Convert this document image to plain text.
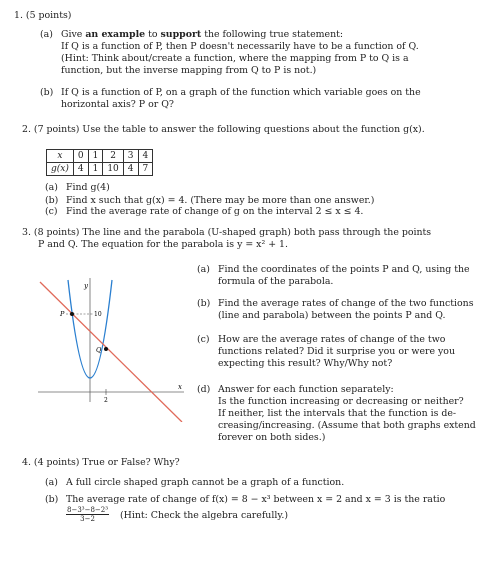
1. (5 points)
(a) Give an example to support the following true statement:
If Q is a function of P, then P doesn't necessarily have to be a function of Q.
(Hint: Think about/create a function, where the mapping from P to Q is a
function, but the inverse mapping from Q to P is not.)
(b) If Q is a function of P, on a graph of the function which variable goes on the
horizontal axis? P or Q?
2. (7 points) Use the table to answer the following questions about the function g(x).
x	0	1	2	3	4
g(x)	4	1	10	4	7
(a) Find g(4)
(b) Find x such that g(x) = 4. (There may be more than one answer.)
(c) Find the average rate of change of g on the interval 2 ≤ x ≤ 4.
3. (8 points) The line and the parabola (U-shaped graph) both pass through the points
P and Q. The equation for the parabola is y = x² + 1.
y
x
10
2
P
Q
(a) Find the coordinates of the points P and Q, using the
formula of the parabola.
(b) Find the average rates of change of the two functions
(line and parabola) between the points P and Q.
(c) How are the average rates of change of the two
functions related? Did it surprise you or were you
expecting this result? Why/Why not?
(d) Answer for each function separately:
Is the function increasing or decreasing or neither?
If neither, list the intervals that the function is de-
creasing/increasing. (Assume that both graphs extend
forever on both sides.)
4. (4 points) True or False? Why?
(a) A full circle shaped graph cannot be a graph of a function.
(b) The average rate of change of f(x) = 8 − x³ between x = 2 and x = 3 is the ratio
$\frac{\text{8−3³−8−2³}}{3-2}$ (Hint: Check the algebra carefully.)
